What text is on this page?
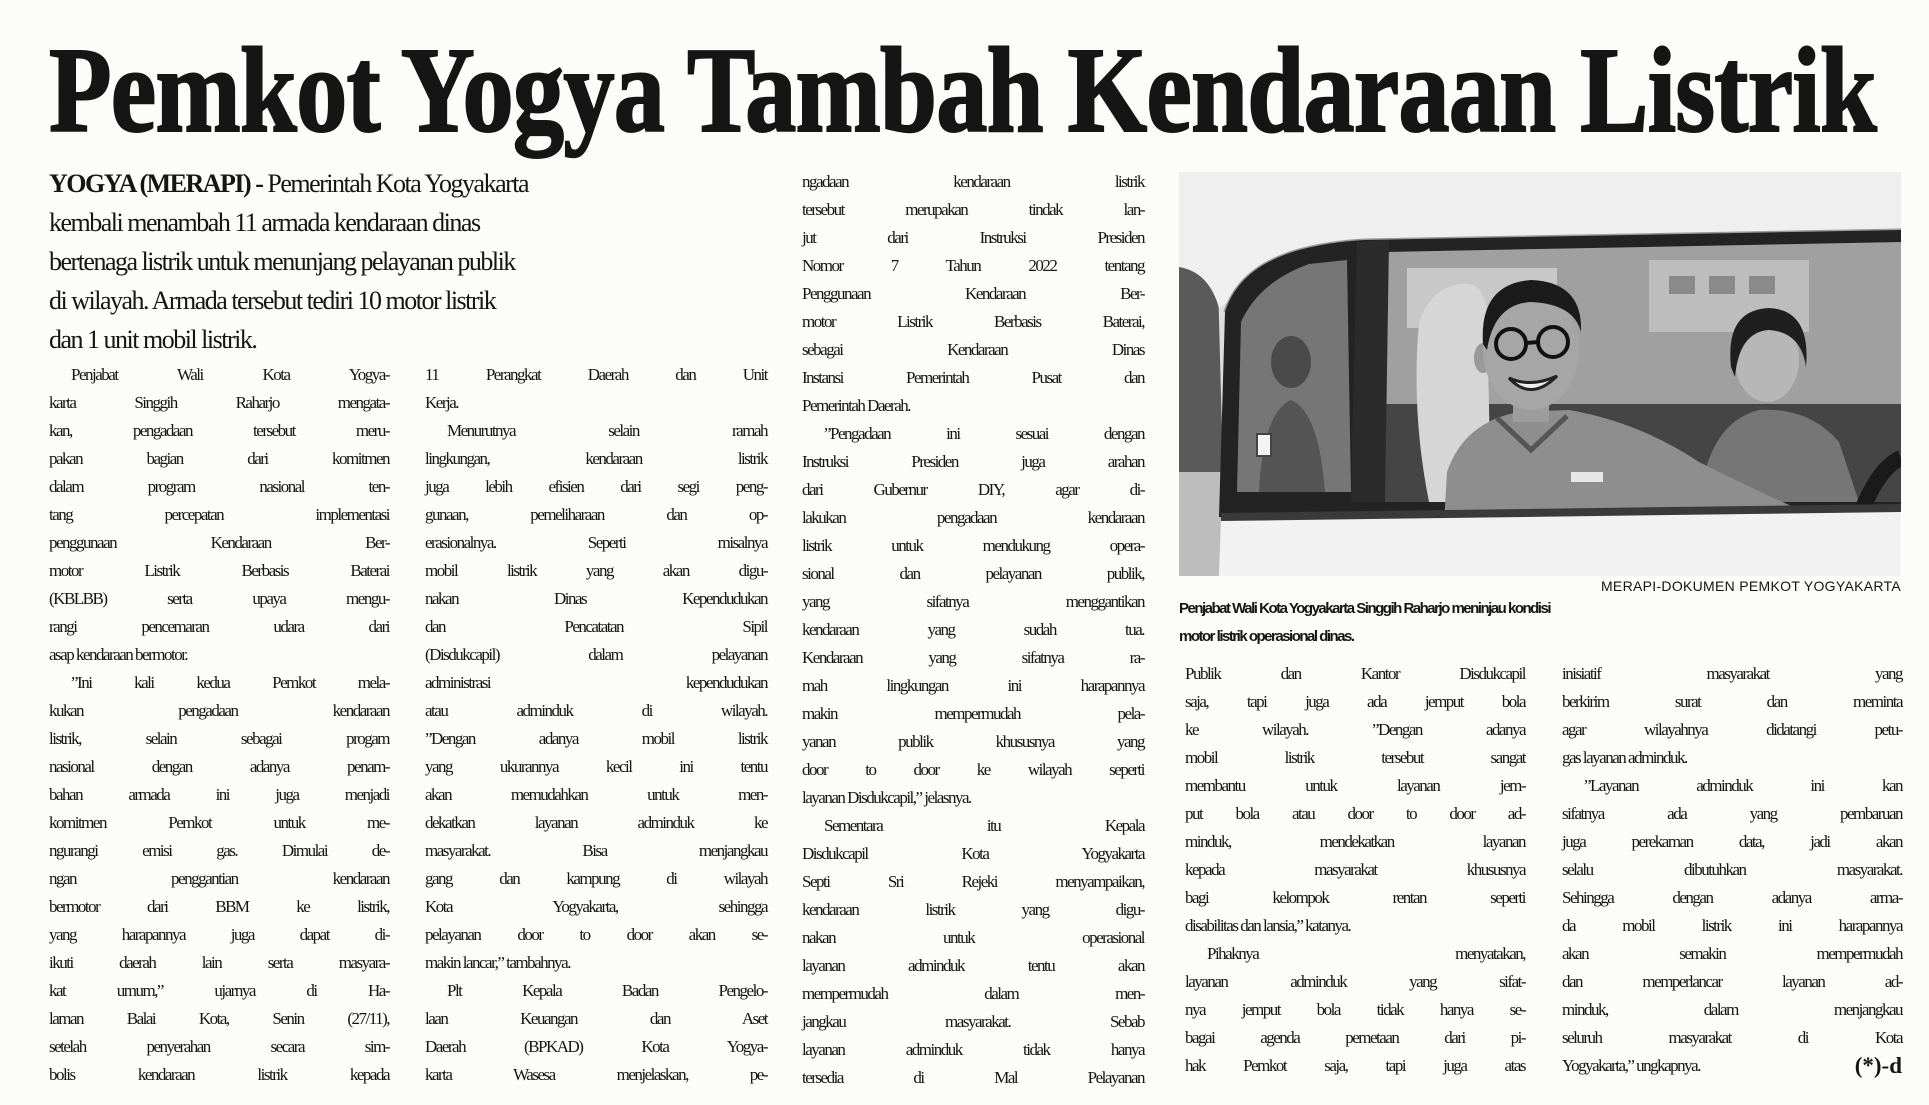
Pemkot Yogya Tambah Kendaraan Listrik
YOGYA (MERAPI) - Pemerintah Kota Yogyakarta
kembali menambah 11 armada kendaraan dinas
bertenaga listrik untuk menunjang pelayanan publik
di wilayah. Armada tersebut tediri 10 motor listrik
dan 1 unit mobil listrik.
Penjabat Wali Kota Yogya-
karta Singgih Raharjo mengata-
kan, pengadaan tersebut meru-
pakan bagian dari komitmen
dalam program nasional ten-
tang percepatan implementasi
penggunaan Kendaraan Ber-
motor Listrik Berbasis Baterai
(KBLBB) serta upaya mengu-
rangi pencemaran udara dari
asap kendaraan bermotor.
”Ini kali kedua Pemkot mela-
kukan pengadaan kendaraan
listrik, selain sebagai progam
nasional dengan adanya penam-
bahan armada ini juga menjadi
komitmen Pemkot untuk me-
ngurangi emisi gas. Dimulai de-
ngan penggantian kendaraan
bermotor dari BBM ke listrik,
yang harapannya juga dapat di-
ikuti daerah lain serta masyara-
kat umum,” ujarnya di Ha-
laman Balai Kota, Senin (27/11),
setelah penyerahan secara sim-
bolis kendaraan listrik kepada
11 Perangkat Daerah dan Unit
Kerja.
Menurutnya selain ramah
lingkungan, kendaraan listrik
juga lebih efisien dari segi peng-
gunaan, pemeliharaan dan op-
erasionalnya. Seperti misalnya
mobil listrik yang akan digu-
nakan Dinas Kependudukan
dan Pencatatan Sipil
(Disdukcapil) dalam pelayanan
administrasi kependudukan
atau adminduk di wilayah.
”Dengan adanya mobil listrik
yang ukurannya kecil ini tentu
akan memudahkan untuk men-
dekatkan layanan adminduk ke
masyarakat. Bisa menjangkau
gang dan kampung di wilayah
Kota Yogyakarta, sehingga
pelayanan door to door akan se-
makin lancar,” tambahnya.
Plt Kepala Badan Pengelo-
laan Keuangan dan Aset
Daerah (BPKAD) Kota Yogya-
karta Wasesa menjelaskan, pe-
ngadaan kendaraan listrik
tersebut merupakan tindak lan-
jut dari Instruksi Presiden
Nomor 7 Tahun 2022 tentang
Penggunaan Kendaraan Ber-
motor Listrik Berbasis Baterai,
sebagai Kendaraan Dinas
Instansi Pemerintah Pusat dan
Pemerintah Daerah.
”Pengadaan ini sesuai dengan
Instruksi Presiden juga arahan
dari Gubernur DIY, agar di-
lakukan pengadaan kendaraan
listrik untuk mendukung opera-
sional dan pelayanan publik,
yang sifatnya menggantikan
kendaraan yang sudah tua.
Kendaraan yang sifatnya ra-
mah lingkungan ini harapannya
makin mempermudah pela-
yanan publik khususnya yang
door to door ke wilayah seperti
layanan Disdukcapil,” jelasnya.
Sementara itu Kepala
Disdukcapil Kota Yogyakarta
Septi Sri Rejeki menyampaikan,
kendaraan listrik yang digu-
nakan untuk operasional
layanan adminduk tentu akan
mempermudah dalam men-
jangkau masyarakat. Sebab
layanan adminduk tidak hanya
tersedia di Mal Pelayanan
Publik dan Kantor Disdukcapil
saja, tapi juga ada jemput bola
ke wilayah. ”Dengan adanya
mobil listrik tersebut sangat
membantu untuk layanan jem-
put bola atau door to door ad-
minduk, mendekatkan layanan
kepada masyarakat khususnya
bagi kelompok rentan seperti
disabilitas dan lansia,” katanya.
Pihaknya menyatakan,
layanan adminduk yang sifat-
nya jemput bola tidak hanya se-
bagai agenda pemetaan dari pi-
hak Pemkot saja, tapi juga atas
inisiatif masyarakat yang
berkirim surat dan meminta
agar wilayahnya didatangi petu-
gas layanan adminduk.
”Layanan adminduk ini kan
sifatnya ada yang pembaruan
juga perekaman data, jadi akan
selalu dibutuhkan masyarakat.
Sehingga dengan adanya arma-
da mobil listrik ini harapannya
akan semakin mempermudah
dan memperlancar layanan ad-
minduk, dalam menjangkau
seluruh masyarakat di Kota
Yogyakarta,” ungkapnya.	(*)-d
MERAPI-DOKUMEN PEMKOT YOGYAKARTA
Penjabat Wali Kota Yogyakarta Singgih Raharjo meninjau kondisi
motor listrik operasional dinas.
